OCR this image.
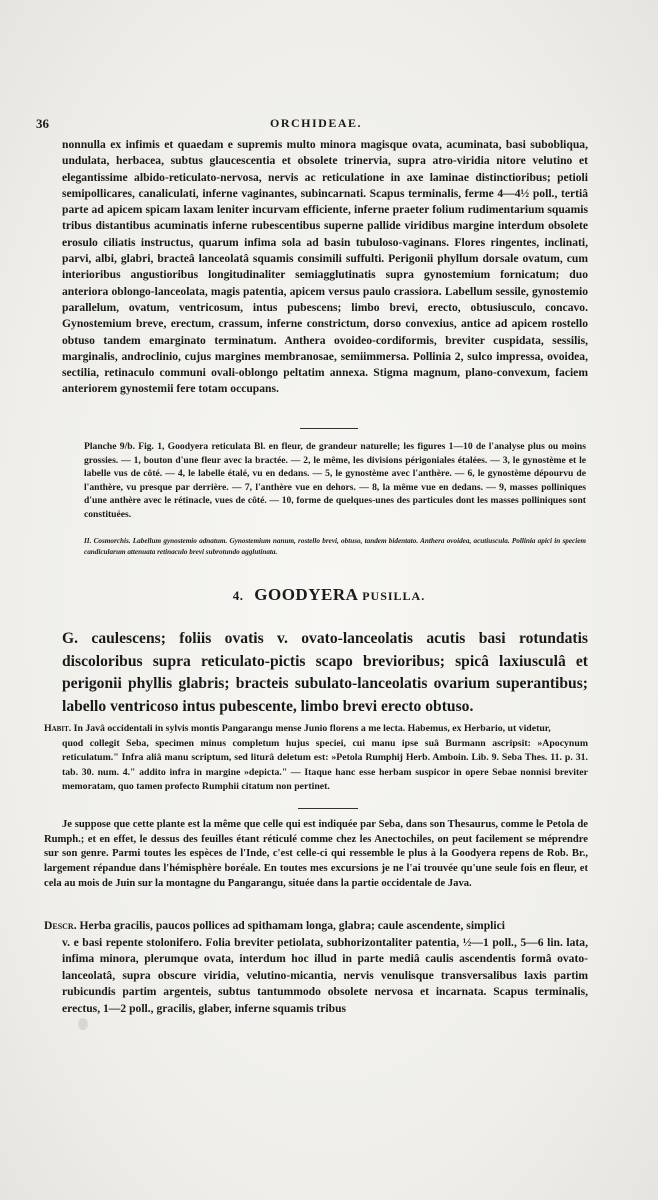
36	ORCHIDEAE.
nonnulla ex infimis et quaedam e supremis multo minora magisque ovata, acuminata, basi subobliqua, undulata, herbacea, subtus glaucescentia et obsolete trinervia, supra atro-viridia nitore velutino et elegantissime albido-reticulato-nervosa, nervis ac reticulatione in axe laminae distinctioribus; petioli semipollicares, canaliculati, inferne vaginantes, subincarnati. Scapus terminalis, ferme 4—4½ poll., tertiâ parte ad apicem spicam laxam leniter incurvam efficiente, inferne praeter folium rudimentarium squamis tribus distantibus acuminatis inferne rubescentibus superne pallide viridibus margine interdum obsolete erosulo ciliatis instructus, quarum infima sola ad basin tubuloso-vaginans. Flores ringentes, inclinati, parvi, albi, glabri, bracteâ lanceolatâ squamis consimili suffulti. Perigonii phyllum dorsale ovatum, cum interioribus angustioribus longitudinaliter semiagglutinatis supra gynostemium fornicatum; duo anteriora oblongo-lanceolata, magis patentia, apicem versus paulo crassiora. Labellum sessile, gynostemio parallelum, ovatum, ventricosum, intus pubescens; limbo brevi, erecto, obtusiusculo, concavo. Gynostemium breve, erectum, crassum, inferne constrictum, dorso convexius, antice ad apicem rostello obtuso tandem emarginato terminatum. Anthera ovoideo-cordiformis, breviter cuspidata, sessilis, marginalis, androclinio, cujus margines membranosae, semiimmersa. Pollinia 2, sulco impressa, ovoidea, sectilia, retinaculo communi ovali-oblongo peltatim annexa. Stigma magnum, plano-convexum, faciem anteriorem gynostemii fere totam occupans.
Planche 9/b. Fig. 1, Goodyera reticulata Bl. en fleur, de grandeur naturelle; les figures 1—10 de l'analyse plus ou moins grossies. — 1, bouton d'une fleur avec la bractée. — 2, le même, les divisions périgoniales étalées. — 3, le gynostème et le labelle vus de côté. — 4, le labelle étalé, vu en dedans. — 5, le gynostème avec l'anthère. — 6, le gynostème dépourvu de l'anthère, vu presque par derrière. — 7, l'anthère vue en dehors. — 8, la même vue en dedans. — 9, masses polliniques d'une anthère avec le rétinacle, vues de côté. — 10, forme de quelques-unes des particules dont les masses polliniques sont constituées.
II. Cosmorchis. Labellum gynostemio adnatum. Gynostemium nanum, rostello brevi, obtuso, tandem bidentato. Anthera ovoidea, acutiuscula. Pollinia apici in speciem candicularum attenuata retinaculo brevi subrotundo agglutinata.
4. GOODYERA PUSILLA.
G. caulescens; foliis ovatis v. ovato-lanceolatis acutis basi rotundatis discoloribus supra reticulato-pictis scapo brevioribus; spicâ laxiusculâ et perigonii phyllis glabris; bracteis subulato-lanceolatis ovarium superantibus; labello ventricoso intus pubescente, limbo brevi erecto obtuso.
Habit. In Javâ occidentali in sylvis montis Pangarangu mense Junio florens a me lecta. Habemus, ex Herbario, ut videtur,
quod collegit Seba, specimen minus completum hujus speciei, cui manu ipse suâ Burmann ascripsit: »Apocynum reticulatum." Infra aliâ manu scriptum, sed liturâ deletum est: »Petola Rumphij Herb. Amboin. Lib. 9. Seba Thes. 11. p. 31. tab. 30. num. 4." addito infra in margine »depicta." — Itaque hanc esse herbam suspicor in opere Sebae nonnisi breviter memoratam, quo tamen profecto Rumphii citatum non pertinet.
Je suppose que cette plante est la même que celle qui est indiquée par Seba, dans son Thesaurus, comme le Petola de Rumph.; et en effet, le dessus des feuilles étant réticulé comme chez les Anectochiles, on peut facilement se méprendre sur son genre. Parmi toutes les espèces de l'Inde, c'est celle-ci qui ressemble le plus à la Goodyera repens de Rob. Br., largement répandue dans l'hémisphère boréale. En toutes mes excursions je ne l'ai trouvée qu'une seule fois en fleur, et cela au mois de Juin sur la montagne du Pangarangu, située dans la partie occidentale de Java.
Descr. Herba gracilis, paucos pollices ad spithamam longa, glabra; caule ascendente, simplici
v. e basi repente stolonifero. Folia breviter petiolata, subhorizontaliter patentia, ½—1 poll., 5—6 lin. lata, infima minora, plerumque ovata, interdum hoc illud in parte mediâ caulis ascendentis formâ ovato-lanceolatâ, supra obscure viridia, velutino-micantia, nervis venulisque transversalibus laxis partim rubicundis partim argenteis, subtus tantummodo obsolete nervosa et incarnata. Scapus terminalis, erectus, 1—2 poll., gracilis, glaber, inferne squamis tribus
